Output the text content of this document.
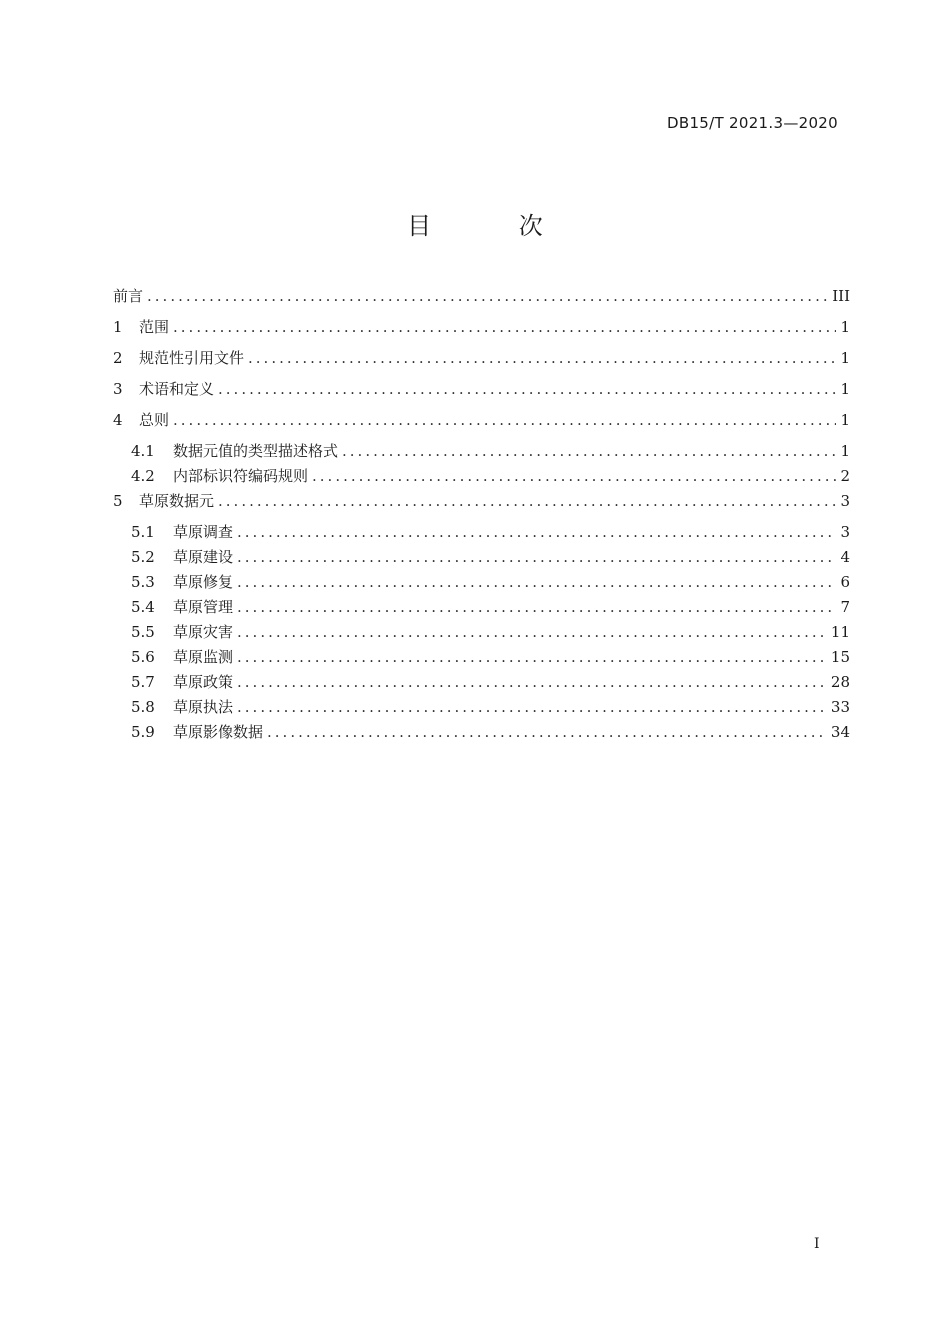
DB15/T 2021.3—2020
目 次
前言 .....	III
1	范围 .....	1
2	规范性引用文件 .....	1
3	术语和定义 .....	1
4	总则 .....	1
4.1	数据元值的类型描述格式 .....	1
4.2	内部标识符编码规则 .....	2
5	草原数据元 .....	3
5.1	草原调查 .....	3
5.2	草原建设 .....	4
5.3	草原修复 .....	6
5.4	草原管理 .....	7
5.5	草原灾害 .....	11
5.6	草原监测 .....	15
5.7	草原政策 .....	28
5.8	草原执法 .....	33
5.9	草原影像数据 .....	34
I
